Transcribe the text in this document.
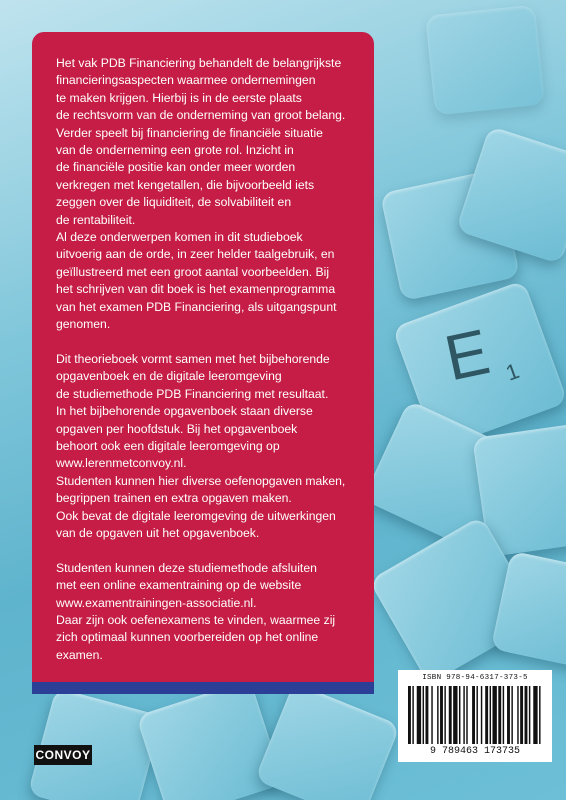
E 1

Het vak PDB Financiering behandelt de belangrijkste
financieringsaspecten waarmee ondernemingen
te maken krijgen. Hierbij is in de eerste plaats
de rechtsvorm van de onderneming van groot belang.
Verder speelt bij financiering de financiële situatie
van de onderneming een grote rol. Inzicht in
de financiële positie kan onder meer worden
verkregen met kengetallen, die bijvoorbeeld iets
zeggen over de liquiditeit, de solvabiliteit en
de rentabiliteit.
Al deze onderwerpen komen in dit studieboek
uitvoerig aan de orde, in zeer helder taalgebruik, en
geïllustreerd met een groot aantal voorbeelden. Bij
het schrijven van dit boek is het examenprogramma
van het examen PDB Financiering, als uitgangspunt
genomen.

Dit theorieboek vormt samen met het bijbehorende
opgavenboek en de digitale leeromgeving
de studiemethode PDB Financiering met resultaat.
In het bijbehorende opgavenboek staan diverse
opgaven per hoofdstuk. Bij het opgavenboek
behoort ook een digitale leeromgeving op
www.lerenmetconvoy.nl.
Studenten kunnen hier diverse oefenopgaven maken,
begrippen trainen en extra opgaven maken.
Ook bevat de digitale leeromgeving de uitwerkingen
van de opgaven uit het opgavenboek.

Studenten kunnen deze studiemethode afsluiten
met een online examentraining op de website
www.examentrainingen-associatie.nl.
Daar zijn ook oefenexamens te vinden, waarmee zij
zich optimaal kunnen voorbereiden op het online
examen.

CONVOY
ISBN 978-94-6317-373-5
9 789463 173735
